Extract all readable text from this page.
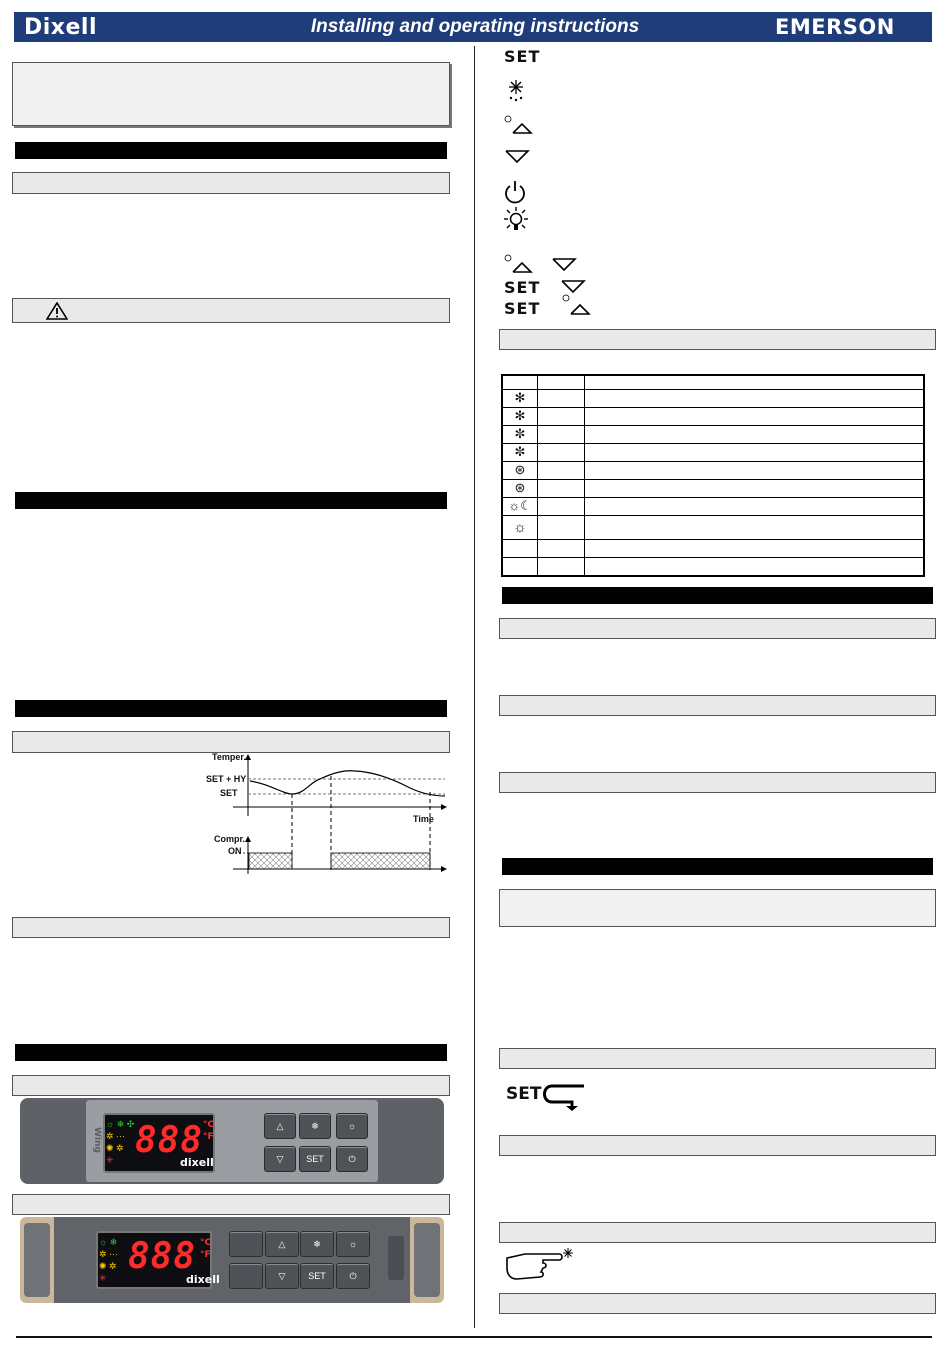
Dixell	Installing and operating instructions	EMERSON
Temper.
SET + HY
SET
Time
Compr.
ON
888 °C
°F
dixell
Wing
☼ ❄ ✣
✲ ···
✺ ✲
✳
△	❄	☼
▽	SET	⏻
888 °C
°F
dixell
☼ ❄
✲ ···
✺ ✲
✳
△	❄	☼
▽	SET	⏻
SET
SET
SET

✻		
✻		
✼		
✼		
⊛		
⊛		
☼☾		
☼		

SET
